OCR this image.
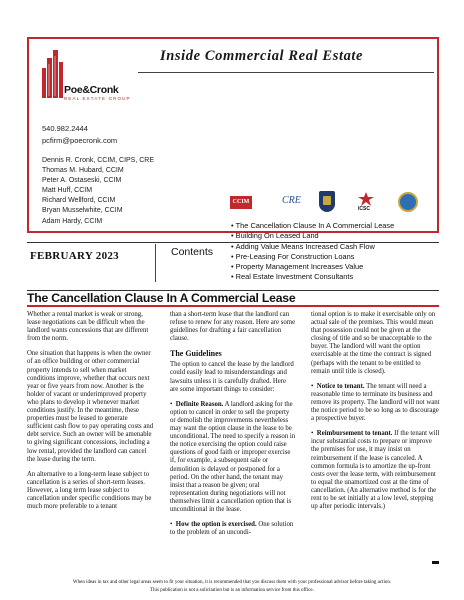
Inside Commercial Real Estate
Poe&Cronk
REAL ESTATE GROUP
540.982.2444
pcfirm@poecronk.com
Dennis R. Cronk, CCIM, CIPS, CRE
Thomas M. Hubard, CCIM
Peter A. Ostaseski, CCIM
Matt Huff, CCIM
Richard Wellford, CCIM
Bryan Musselwhite, CCIM
Adam Hardy, CCIM
CCIM	CRE
ICSC
FEBRUARY 2023	Contents
• The Cancellation Clause In A Commercial Lease
• Building On Leased Land
• Adding Value Means Increased Cash Flow
• Pre-Leasing For Construction Loans
• Property Management Increases Value
• Real Estate Investment Consultants
The Cancellation Clause In A Commercial Lease

Whether a rental market is weak or strong, lease negotiations can be difficult when the landlord wants concessions that are different from the norm.

One situation that happens is when the owner of an office building or other commercial property intends to sell when market conditions improve, whether that occurs next year or five years from now. Another is the holder of vacant or underimproved property who plans to develop it whenever market conditions justify. In the meantime, these properties must be leased to generate sufficient cash flow to pay operating costs and debt service. Such an owner will be amenable to giving significant concessions, including a low rental, provided the landlord can cancel the lease during the term.

An alternative to a long-term lease subject to cancellation is a series of short-term leases. However, a long term lease subject to cancellation under specific conditions may be much more preferable to a tenant

than a short-term lease that the landlord can refuse to renew for any reason. Here are some guidelines for drafting a fair cancellation clause.

The Guidelines

The option to cancel the lease by the landlord could easily lead to misunderstandings and lawsuits unless it is carefully drafted. Here are some important things to consider:

•  Definite Reason. A landlord asking for the option to cancel in order to sell the property or demolish the improvements nevertheless may want the option clause in the lease to be unconditional. The need to specify a reason in the notice exercising the option could raise questions of good faith or improper exercise if, for example, a subsequent sale or demolition is delayed or postponed for a period. On the other hand, the tenant may insist that a reason be given; oral representation during negotiations will not themselves limit a cancellation option that is unconditional in the lease.

•  How the option is exercised. One solution to the problem of an uncondi-

tional option is to make it exercisable only on actual sale of the premises. This would mean that possession could not be given at the closing of title and so be unacceptable to the buyer. The landlord will want the option exercisable at the time the contract is signed (perhaps with the tenant to be entitled to remain until title is closed).

•  Notice to tenant. The tenant will need a reasonable time to terminate its business and remove its property. The landlord will not want the notice period to be so long as to discourage a prospective buyer.

•  Reimbursement to tenant. If the tenant will incur substantial costs to prepare or improve the premises for use, it may insist on reimbursement if the lease is canceled. A common formula is to amortize the up-front costs over the lease term, with reimbursement to equal the unamortized cost at the time of cancellation. (An alternative method is for the rent to be set initially at a low level, stepping up after periodic intervals.)

When ideas in tax and other legal areas seem to fit your situation, it is recommended that you discuss them with your professional advisor before taking action.
This publication is not a solicitation but is an information service from this office.
